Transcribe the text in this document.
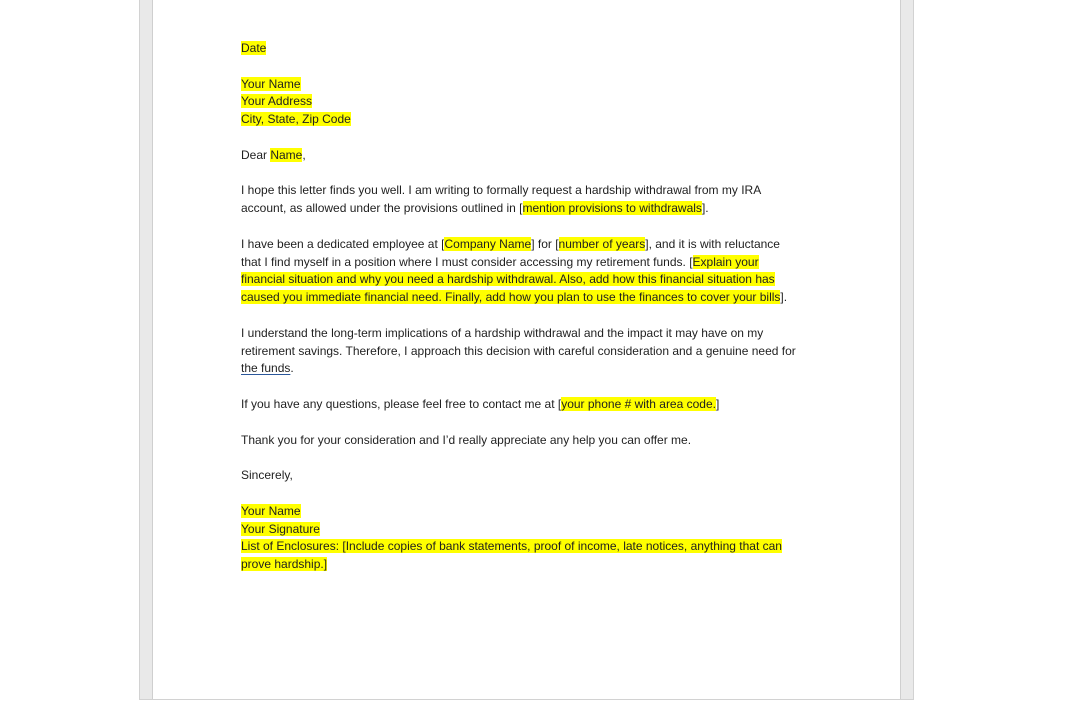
Date
Your Name
Your Address
City, State, Zip Code
Dear Name,
I hope this letter finds you well. I am writing to formally request a hardship withdrawal from my IRA
account, as allowed under the provisions outlined in [mention provisions to withdrawals].
I have been a dedicated employee at [Company Name] for [number of years], and it is with reluctance
that I find myself in a position where I must consider accessing my retirement funds. [Explain your
financial situation and why you need a hardship withdrawal. Also, add how this financial situation has
caused you immediate financial need. Finally, add how you plan to use the finances to cover your bills].
I understand the long-term implications of a hardship withdrawal and the impact it may have on my
retirement savings. Therefore, I approach this decision with careful consideration and a genuine need for
the funds.
If you have any questions, please feel free to contact me at [your phone # with area code.]
Thank you for your consideration and I’d really appreciate any help you can offer me.
Sincerely,
Your Name
Your Signature
List of Enclosures: [Include copies of bank statements, proof of income, late notices, anything that can
prove hardship.]
